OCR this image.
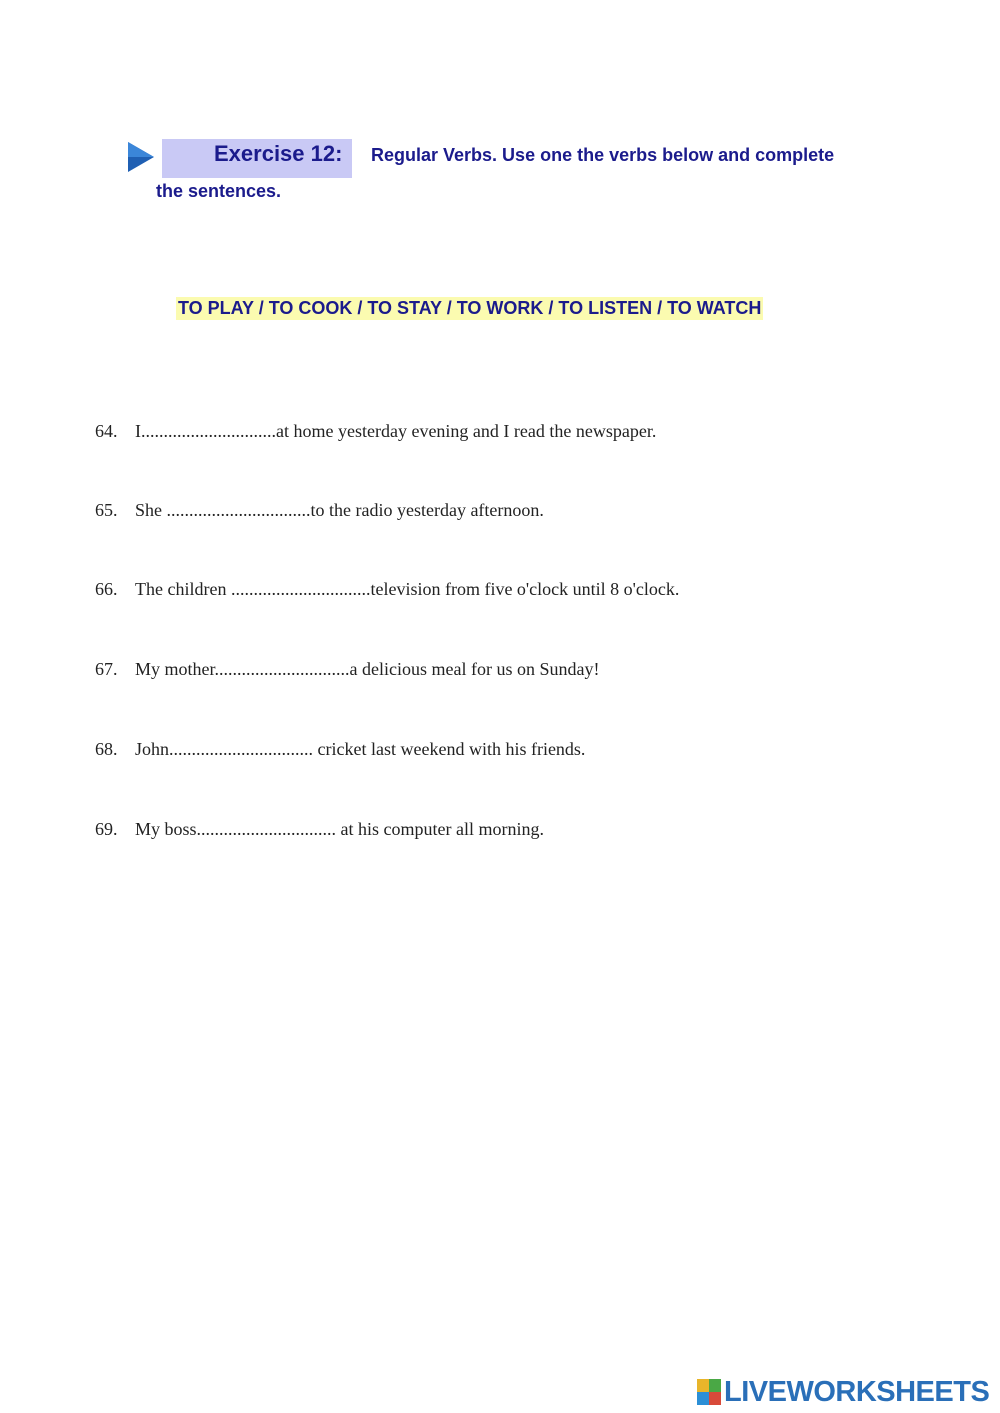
Exercise 12: Regular Verbs. Use one the verbs below and complete
the sentences.
TO PLAY / TO COOK / TO STAY / TO WORK / TO LISTEN / TO WATCH
64. I..............................at home yesterday evening and I read the newspaper.
65. She ................................to the radio yesterday afternoon.
66. The children ...............................television from five o'clock until 8 o'clock.
67. My mother..............................a delicious meal for us on Sunday!
68. John................................ cricket last weekend with his friends.
69. My boss............................... at his computer all morning.
LIVEWORKSHEETS
